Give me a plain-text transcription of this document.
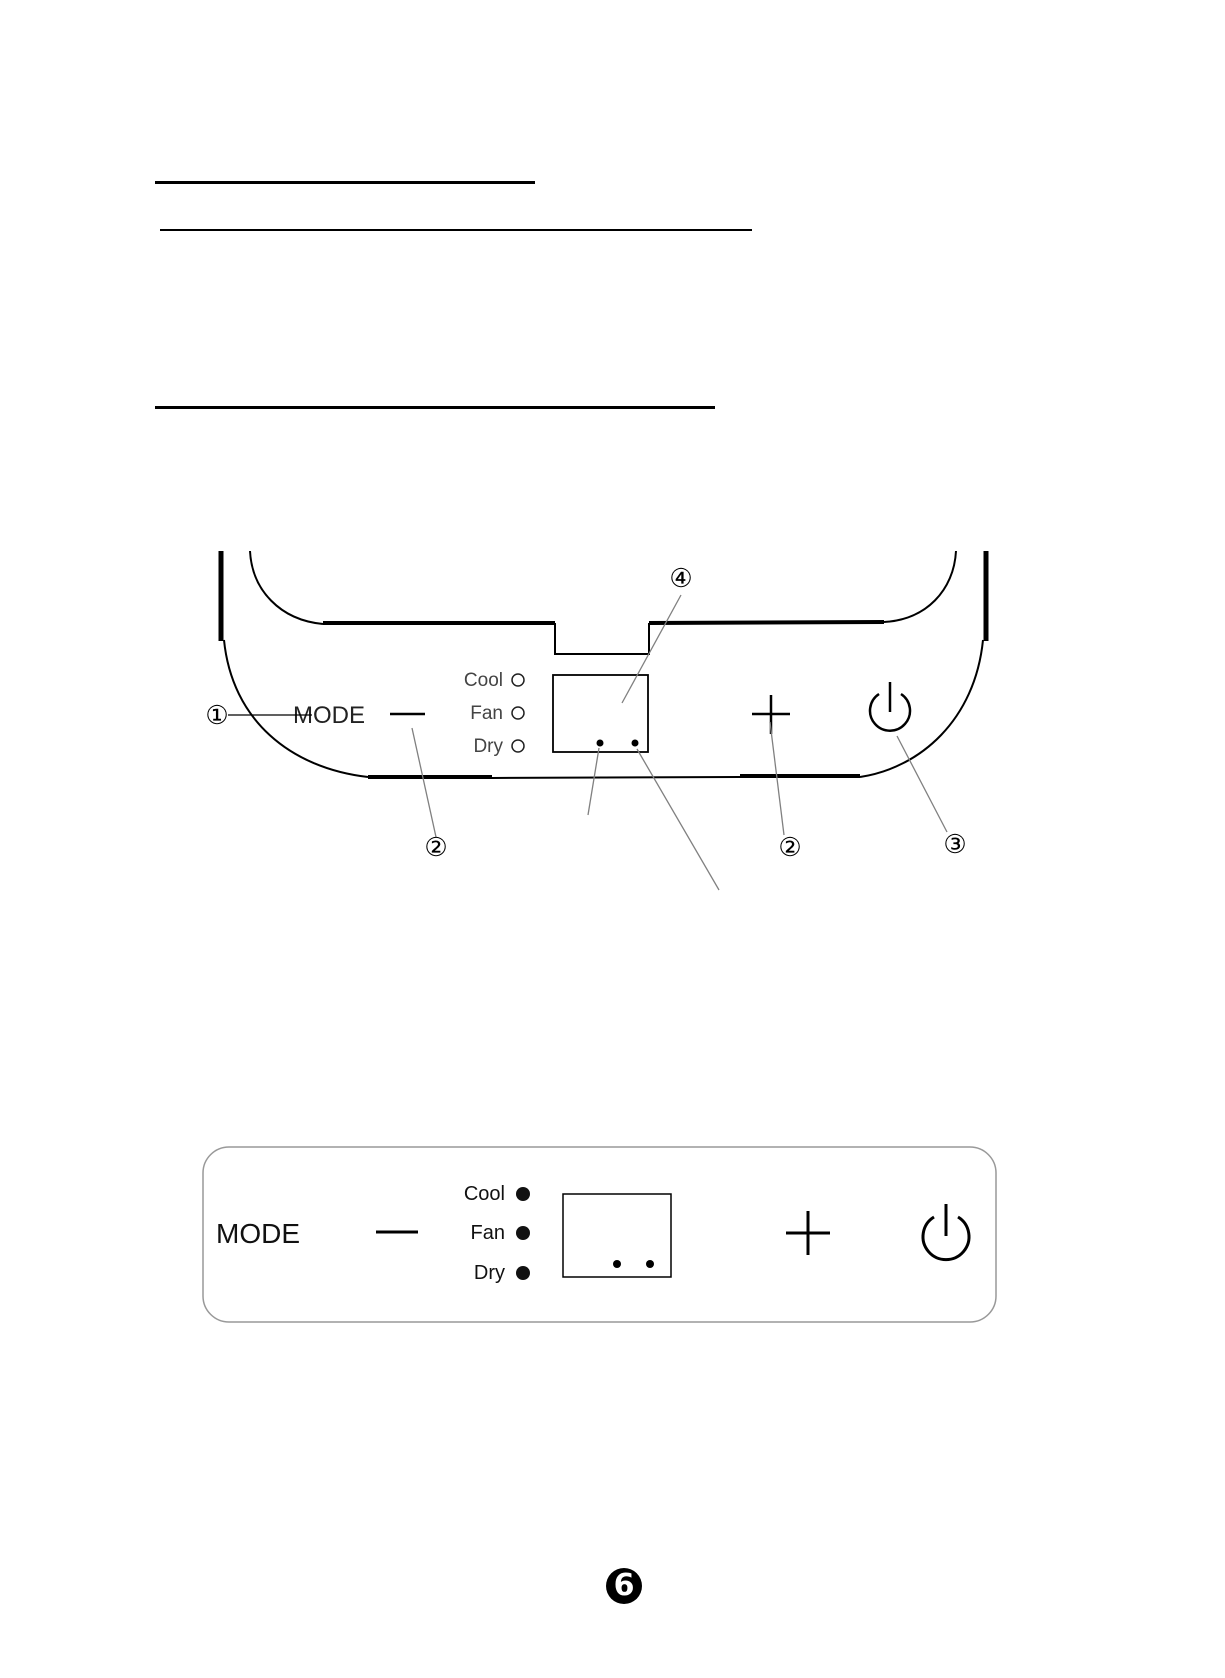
MODE
Cool
Fan
Dry
①
②	②	③
④
MODE
Cool
Fan
Dry
6
